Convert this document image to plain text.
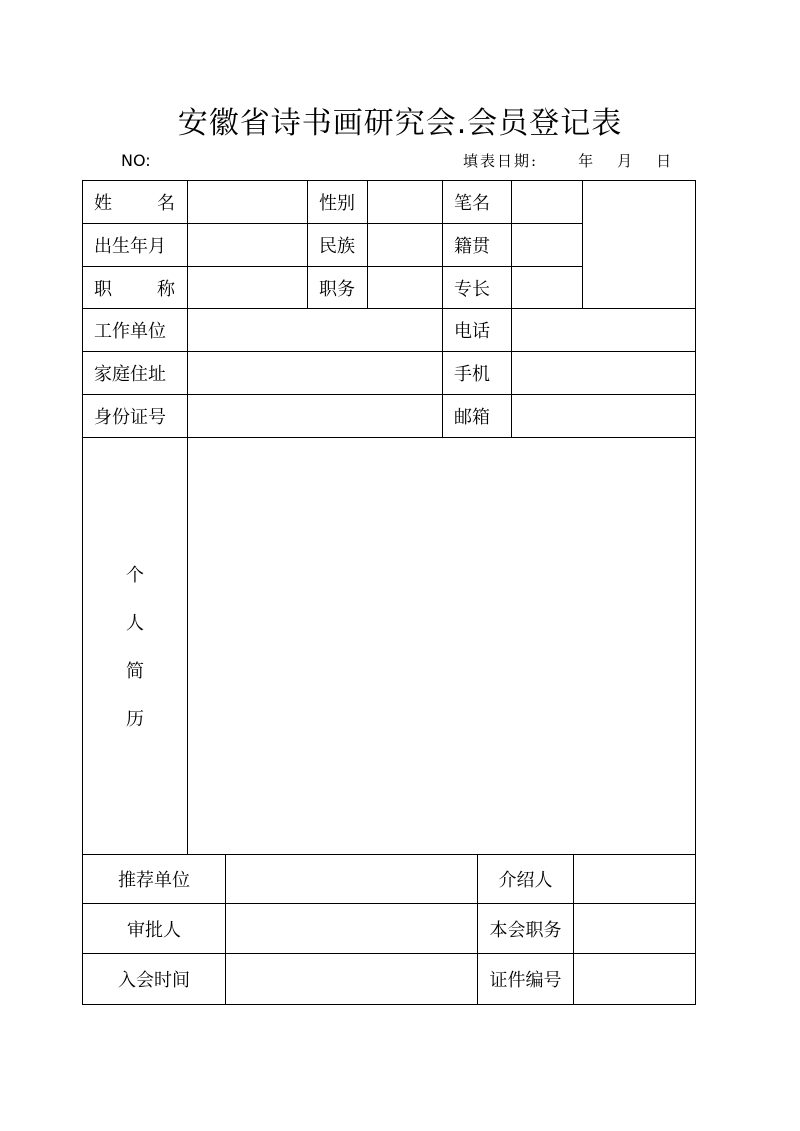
安徽省诗书画研究会.会员登记表
NO:	填表日期:	年 月 日
姓 名		性别		笔名		
出生年月		民族		籍贯		

职 称		职务		专长		
工作单位				电话		
家庭住址				手机		
身份证号				邮箱		

个
人
简
历						

推荐单位		介绍人	
审批人		本会职务	
入会时间		证件编号	
